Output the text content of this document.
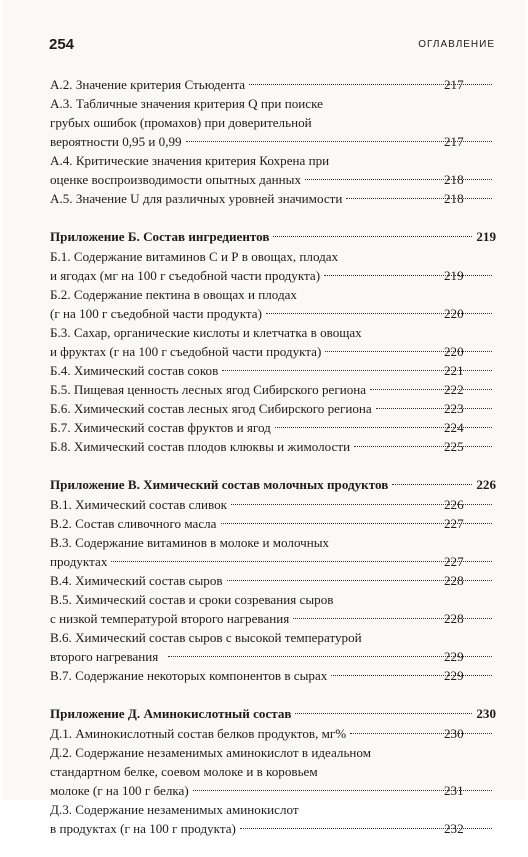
254	ОГЛАВЛЕНИЕ
А.2. Значение критерия Стьюдента	217
А.3. Табличные значения критерия Q при поиске
грубых ошибок (промахов) при доверительной
вероятности 0,95 и 0,99	217
А.4. Критические значения критерия Кохрена при
оценке воспроизводимости опытных данных	218
А.5. Значение U для различных уровней значимости	218
Приложение Б. Состав ингредиентов	219
Б.1. Содержание витаминов С и Р в овощах, плодах
и ягодах (мг на 100 г съедобной части продукта)	219
Б.2. Содержание пектина в овощах и плодах
(г на 100 г съедобной части продукта)	220
Б.3. Сахар, органические кислоты и клетчатка в овощах
и фруктах (г на 100 г съедобной части продукта)	220
Б.4. Химический состав соков	221
Б.5. Пищевая ценность лесных ягод Сибирского региона	222
Б.6. Химический состав лесных ягод Сибирского региона	223
Б.7. Химический состав фруктов и ягод	224
Б.8. Химический состав плодов клюквы и жимолости	225
Приложение В. Химический состав молочных продуктов	226
В.1. Химический состав сливок	226
В.2. Состав сливочного масла	227
В.3. Содержание витаминов в молоке и молочных
продуктах	227
В.4. Химический состав сыров	228
В.5. Химический состав и сроки созревания сыров
с низкой температурой второго нагревания	228
В.6. Химический состав сыров с высокой температурой
второго нагревания	229
В.7. Содержание некоторых компонентов в сырах	229
Приложение Д. Аминокислотный состав	230
Д.1. Аминокислотный состав белков продуктов, мг%	230
Д.2. Содержание незаменимых аминокислот в идеальном
стандартном белке, соевом молоке и в коровьем
молоке (г на 100 г белка)	231
Д.3. Содержание незаменимых аминокислот
в продуктах (г на 100 г продукта)	232
